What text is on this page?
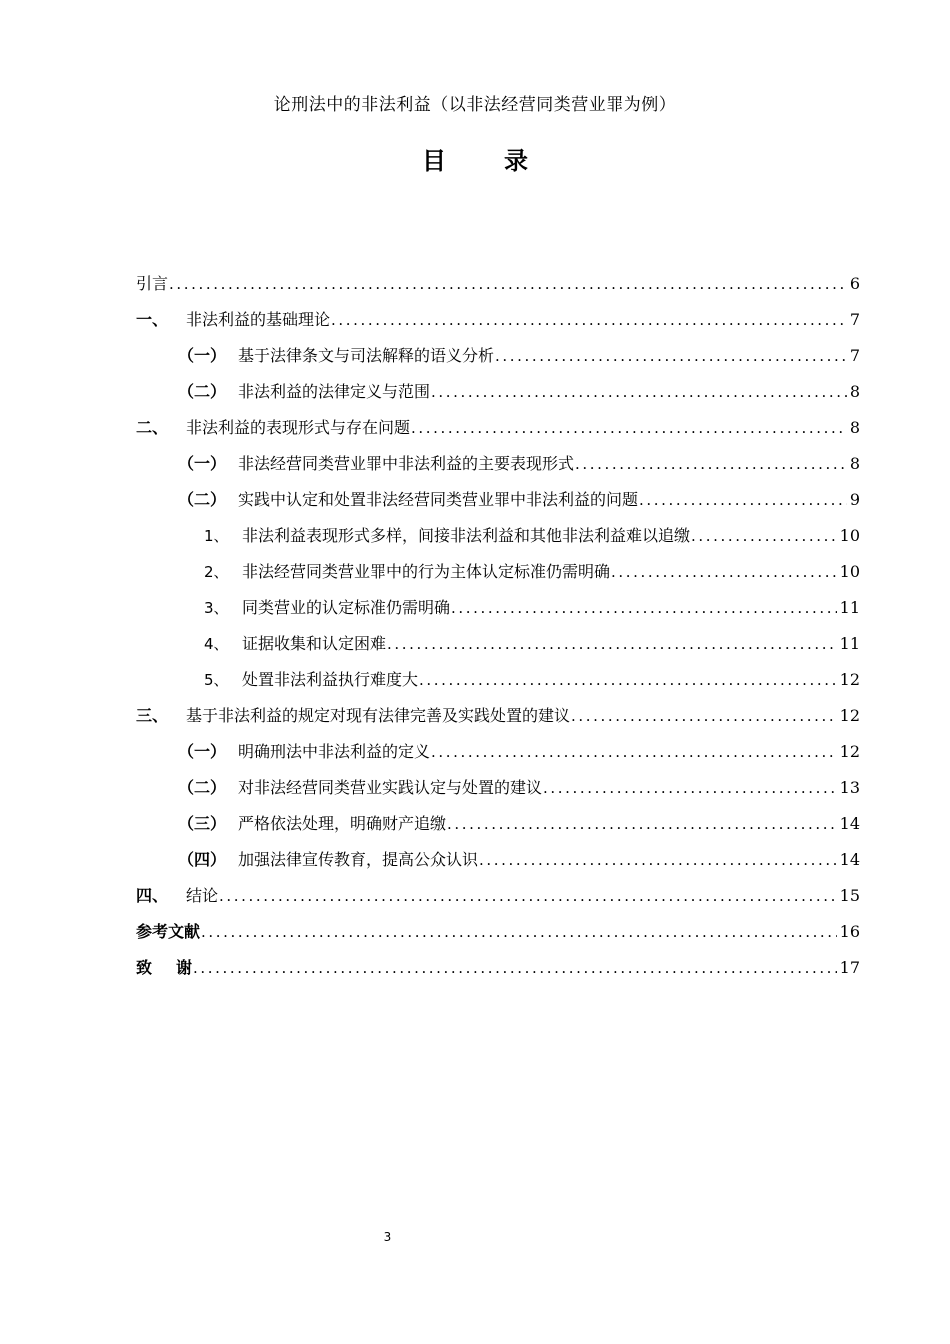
论刑法中的非法利益（以非法经营同类营业罪为例）
目 录
引言 .....	6
一、	非法利益的基础理论 .....	7
（一） 基于法律条文与司法解释的语义分析 .....	7
（二） 非法利益的法律定义与范围 .....	8
二、	非法利益的表现形式与存在问题 .....	8
（一） 非法经营同类营业罪中非法利益的主要表现形式 .....	8
（二） 实践中认定和处置非法经营同类营业罪中非法利益的问题 .....	9
1、 非法利益表现形式多样，间接非法利益和其他非法利益难以追缴 .....	10
2、 非法经营同类营业罪中的行为主体认定标准仍需明确 .....	10
3、 同类营业的认定标准仍需明确 .....	11
4、 证据收集和认定困难 .....	11
5、 处置非法利益执行难度大 .....	12
三、	基于非法利益的规定对现有法律完善及实践处置的建议 .....	12
（一） 明确刑法中非法利益的定义 .....	12
（二） 对非法经营同类营业实践认定与处置的建议 .....	13
（三） 严格依法处理，明确财产追缴 .....	14
（四） 加强法律宣传教育，提高公众认识 .....	14
四、	结论 .....	15
参考文献 .....	16
致 谢 .....	17
3
